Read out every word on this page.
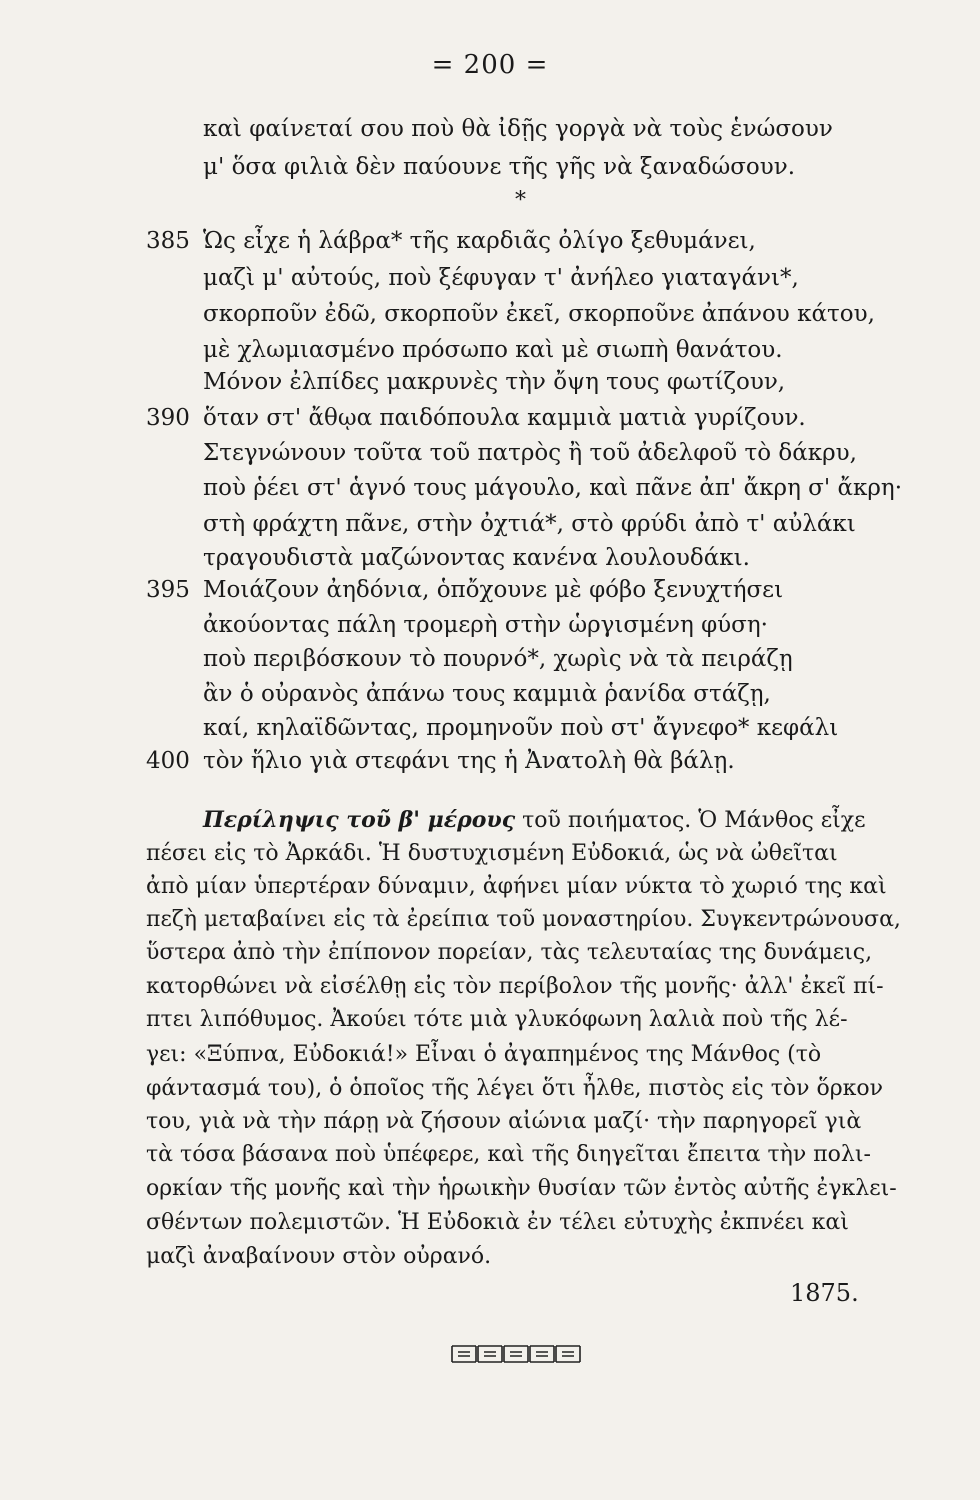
= 200 =
καὶ φαίνεταί σου ποὺ θὰ ἰδῇς γοργὰ νὰ τοὺς ἑνώσουν
μ' ὅσα φιλιὰ δὲν παύουνε τῆς γῆς νὰ ξαναδώσουν.
*
385 Ὡς εἶχε ἡ λάβρα* τῆς καρδιᾶς ὀλίγο ξεθυμάνει,
μαζὶ μ' αὐτούς, ποὺ ξέφυγαν τ' ἀνήλεο γιαταγάνι*,
σκορποῦν ἐδῶ, σκορποῦν ἐκεῖ, σκορποῦνε ἀπάνου κάτου,
μὲ χλωμιασμένο πρόσωπο καὶ μὲ σιωπὴ θανάτου.
Μόνον ἐλπίδες μακρυνὲς τὴν ὄψη τους φωτίζουν,
390 ὅταν στ' ἄθῳα παιδόπουλα καμμιὰ ματιὰ γυρίζουν.
Στεγνώνουν τοῦτα τοῦ πατρὸς ἢ τοῦ ἀδελφοῦ τὸ δάκρυ,
ποὺ ῥέει στ' ἁγνό τους μάγουλο, καὶ πᾶνε ἀπ' ἄκρη σ' ἄκρη·
στὴ φράχτη πᾶνε, στὴν ὀχτιά*, στὸ φρύδι ἀπὸ τ' αὐλάκι
τραγουδιστὰ μαζώνοντας κανένα λουλουδάκι.
395 Μοιάζουν ἀηδόνια, ὁπὄχουνε μὲ φόβο ξενυχτήσει
ἀκούοντας πάλη τρομερὴ στὴν ὡργισμένη φύση·
ποὺ περιβόσκουν τὸ πουρνό*, χωρὶς νὰ τὰ πειράζῃ
ἂν ὁ οὐρανὸς ἀπάνω τους καμμιὰ ῥανίδα στάζῃ,
καί, κηλαϊδῶντας, προμηνοῦν ποὺ στ' ἄγνεφο* κεφάλι
400 τὸν ἥλιο γιὰ στεφάνι της ἡ Ἀνατολὴ θὰ βάλῃ.
Περίληψις τοῦ β' μέρους τοῦ ποιήματος. Ὁ Μάνθος εἶχε
πέσει εἰς τὸ Ἀρκάδι. Ἡ δυστυχισμένη Εὐδοκιά, ὡς νὰ ὠθεῖται
ἀπὸ μίαν ὑπερτέραν δύναμιν, ἀφήνει μίαν νύκτα τὸ χωριό της καὶ
πεζὴ μεταβαίνει εἰς τὰ ἐρείπια τοῦ μοναστηρίου. Συγκεντρώνουσα,
ὕστερα ἀπὸ τὴν ἐπίπονον πορείαν, τὰς τελευταίας της δυνάμεις,
κατορθώνει νὰ εἰσέλθῃ εἰς τὸν περίβολον τῆς μονῆς· ἀλλ' ἐκεῖ πί-
πτει λιπόθυμος. Ἀκούει τότε μιὰ γλυκόφωνη λαλιὰ ποὺ τῆς λέ-
γει: «Ξύπνα, Εὐδοκιά!» Εἶναι ὁ ἀγαπημένος της Μάνθος (τὸ
φάντασμά του), ὁ ὁποῖος τῆς λέγει ὅτι ἦλθε, πιστὸς εἰς τὸν ὅρκον
του, γιὰ νὰ τὴν πάρῃ νὰ ζήσουν αἰώνια μαζί· τὴν παρηγορεῖ γιὰ
τὰ τόσα βάσανα ποὺ ὑπέφερε, καὶ τῆς διηγεῖται ἔπειτα τὴν πολι-
ορκίαν τῆς μονῆς καὶ τὴν ἡρωικὴν θυσίαν τῶν ἐντὸς αὐτῆς ἐγκλει-
σθέντων πολεμιστῶν. Ἡ Εὐδοκιὰ ἐν τέλει εὐτυχὴς ἐκπνέει καὶ
μαζὶ ἀναβαίνουν στὸν οὐρανό.
1875.
